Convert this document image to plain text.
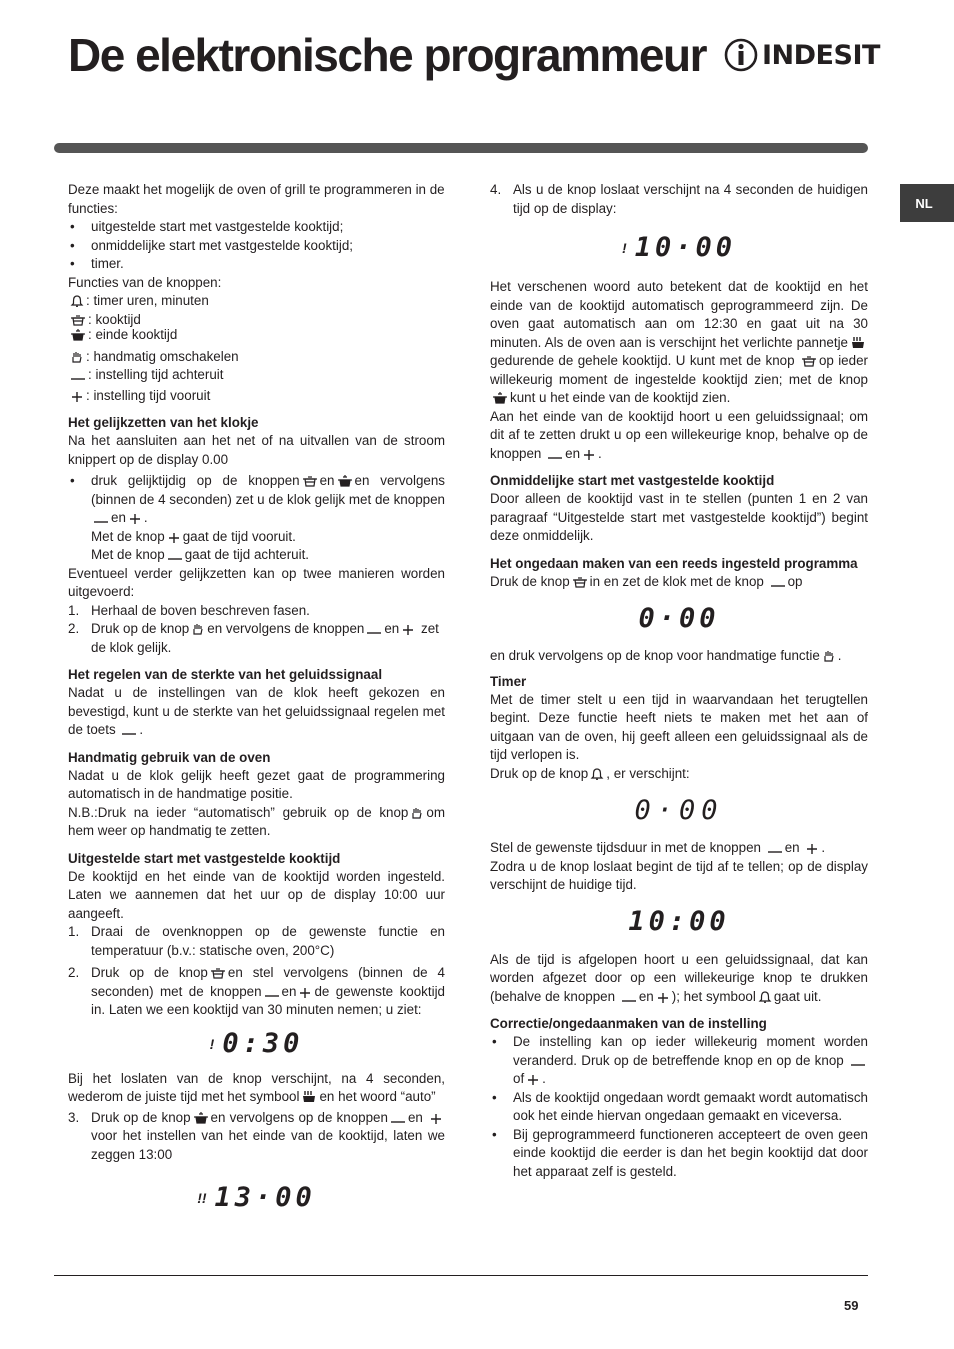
De elektronische programmeur INDESIT
NL

Deze maakt het mogelijk de oven of grill te programmeren in de functies:

• uitgestelde start met vastgestelde kooktijd;

• onmiddelijke start met vastgestelde kooktijd;

• timer.

Functies van de knoppen:

: timer uren, minuten

: kooktijd

: einde kooktijd

: handmatig omschakelen

: instelling tijd achteruit

: instelling tijd vooruit

Het gelijkzetten van het klokje

Na het aansluiten aan het net of na uitvallen van de stroom knippert op de display 0.00

• druk gelijktijdig op de knoppen en en vervolgens (binnen de 4 seconden) zet u de klok gelijk met de knoppen en .

Met de knop gaat de tijd vooruit.

Met de knop gaat de tijd achteruit.

Eventueel verder gelijkzetten kan op twee manieren worden uitgevoerd:

1. Herhaal de boven beschreven fasen.

2. Druk op de knop en vervolgens de knoppen en zet de klok gelijk.

Het regelen van de sterkte van het geluidssignaal

Nadat u de instellingen van de klok heeft gekozen en bevestigd, kunt u de sterkte van het geluidssignaal regelen met de toets .

Handmatig gebruik van de oven

Nadat u de klok gelijk heeft gezet gaat de programmering automatisch in de handmatige positie.

N.B.:Druk na ieder “automatisch” gebruik op de knop om hem weer op handmatig te zetten.

Uitgestelde start met vastgestelde kooktijd

De kooktijd en het einde van de kooktijd worden ingesteld. Laten we aannemen dat het uur op de display 10:00 uur aangeeft.

1. Draai de ovenknoppen op de gewenste functie en temperatuur (b.v.: statische oven, 200°C)

2. Druk op de knop en stel vervolgens (binnen de 4 seconden) met de knoppen en de gewenste kooktijd in. Laten we een kooktijd van 30 minuten nemen; u ziet:

! 0:30

Bij het loslaten van de knop verschijnt, na 4 seconden, wederom de juiste tijd met het symbool en het woord “auto”

3. Druk op de knop en vervolgens op de knoppen en voor het instellen van het einde van de kooktijd, laten we zeggen 13:00

!! 13·00

4. Als u de knop loslaat verschijnt na 4 seconden de huidigen tijd op de display:

! 10·00

Het verschenen woord auto betekent dat de kooktijd en het einde van de kooktijd automatisch geprogrammeerd zijn. De oven gaat automatisch aan om 12:30 en gaat uit na 30 minuten. Als de oven aan is verschijnt het verlichte pannetjegedurende de gehele kooktijd. U kunt met de knop op ieder willekeurig moment de ingestelde kooktijd zien; met de knop kunt u het einde van de kooktijd zien.

Aan het einde van de kooktijd hoort u een geluidssignaal; om dit af te zetten drukt u op een willekeurige knop, behalve op de knoppen en .

Onmiddelijke start met vastgestelde kooktijd

Door alleen de kooktijd vast in te stellen (punten 1 en 2 van paragraaf “Uitgestelde start met vastgestelde kooktijd”) begint deze onmiddelijk.

Het ongedaan maken van een reeds ingesteld programma

Druk de knop in en zet de klok met de knop op

0·00

en druk vervolgens op de knop voor handmatige functie .

Timer

Met de timer stelt u een tijd in waarvandaan het terugtellen begint. Deze functie heeft niets te maken met het aan of uitgaan van de oven, hij geeft alleen een geluidssignaal als de tijd verlopen is.

Druk op de knop , er verschijnt:

0·00

Stel de gewenste tijdsduur in met de knoppen en .

Zodra u de knop loslaat begint de tijd af te tellen; op de display verschijnt de huidige tijd.

10:00

Als de tijd is afgelopen hoort u een geluidssignaal, dat kan worden afgezet door op een willekeurige knop te drukken (behalve de knoppen en ); het symbool gaat uit.

Correctie/ongedaanmaken van de instelling

• De instelling kan op ieder willekeurig moment worden veranderd. Druk op de betreffende knop en op de knop of .

• Als de kooktijd ongedaan wordt gemaakt wordt automatisch ook het einde hiervan ongedaan gemaakt en viceversa.

• Bij geprogrammeerd functioneren accepteert de oven geen einde kooktijd die eerder is dan het begin kooktijd dat door het apparaat zelf is gesteld.

59
